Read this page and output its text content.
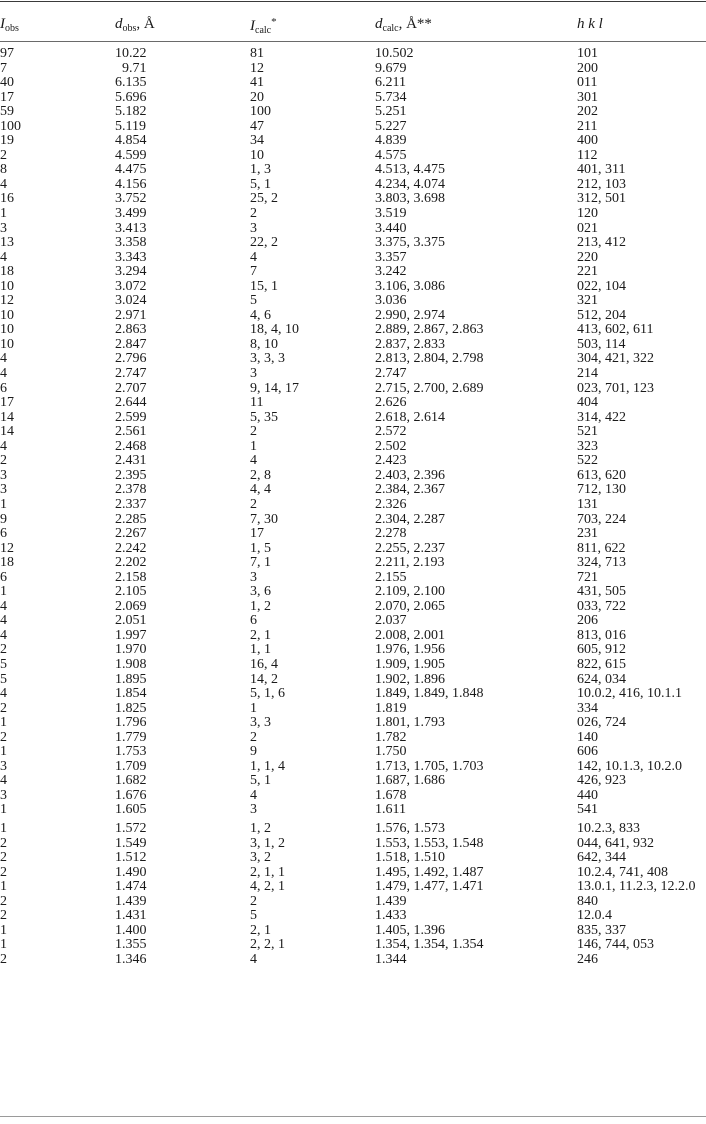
$I_{obs}$	$d_{obs}$, Å	$I_{calc}^*$	$d_{calc}$, Å**	h k l
97	10.22	81	10.502	101
7	9.71	12	9.679	200
40	6.135	41	6.211	011
17	5.696	20	5.734	301
59	5.182	100	5.251	202
100	5.119	47	5.227	211
19	4.854	34	4.839	400
2	4.599	10	4.575	112
8	4.475	1, 3	4.513, 4.475	401, 311
4	4.156	5, 1	4.234, 4.074	212, 103
16	3.752	25, 2	3.803, 3.698	312, 501
1	3.499	2	3.519	120
3	3.413	3	3.440	021
13	3.358	22, 2	3.375, 3.375	213, 412
4	3.343	4	3.357	220
18	3.294	7	3.242	221
10	3.072	15, 1	3.106, 3.086	022, 104
12	3.024	5	3.036	321
10	2.971	4, 6	2.990, 2.974	512, 204
10	2.863	18, 4, 10	2.889, 2.867, 2.863	413, 602, 611
10	2.847	8, 10	2.837, 2.833	503, 114
4	2.796	3, 3, 3	2.813, 2.804, 2.798	304, 421, 322
4	2.747	3	2.747	214
6	2.707	9, 14, 17	2.715, 2.700, 2.689	023, 701, 123
17	2.644	11	2.626	404
14	2.599	5, 35	2.618, 2.614	314, 422
14	2.561	2	2.572	521
4	2.468	1	2.502	323
2	2.431	4	2.423	522
3	2.395	2, 8	2.403, 2.396	613, 620
3	2.378	4, 4	2.384, 2.367	712, 130
1	2.337	2	2.326	131
9	2.285	7, 30	2.304, 2.287	703, 224
6	2.267	17	2.278	231
12	2.242	1, 5	2.255, 2.237	811, 622
18	2.202	7, 1	2.211, 2.193	324, 713
6	2.158	3	2.155	721
1	2.105	3, 6	2.109, 2.100	431, 505
4	2.069	1, 2	2.070, 2.065	033, 722
4	2.051	6	2.037	206
4	1.997	2, 1	2.008, 2.001	813, 016
2	1.970	1, 1	1.976, 1.956	605, 912
5	1.908	16, 4	1.909, 1.905	822, 615
5	1.895	14, 2	1.902, 1.896	624, 034
4	1.854	5, 1, 6	1.849, 1.849, 1.848	10.0.2, 416, 10.1.1
2	1.825	1	1.819	334
1	1.796	3, 3	1.801, 1.793	026, 724
2	1.779	2	1.782	140
1	1.753	9	1.750	606
3	1.709	1, 1, 4	1.713, 1.705, 1.703	142, 10.1.3, 10.2.0
4	1.682	5, 1	1.687, 1.686	426, 923
3	1.676	4	1.678	440
1	1.605	3	1.611	541
1	1.572	1, 2	1.576, 1.573	10.2.3, 833
2	1.549	3, 1, 2	1.553, 1.553, 1.548	044, 641, 932
2	1.512	3, 2	1.518, 1.510	642, 344
2	1.490	2, 1, 1	1.495, 1.492, 1.487	10.2.4, 741, 408
1	1.474	4, 2, 1	1.479, 1.477, 1.471	13.0.1, 11.2.3, 12.2.0
2	1.439	2	1.439	840
2	1.431	5	1.433	12.0.4
1	1.400	2, 1	1.405, 1.396	835, 337
1	1.355	2, 2, 1	1.354, 1.354, 1.354	146, 744, 053
2	1.346	4	1.344	246
